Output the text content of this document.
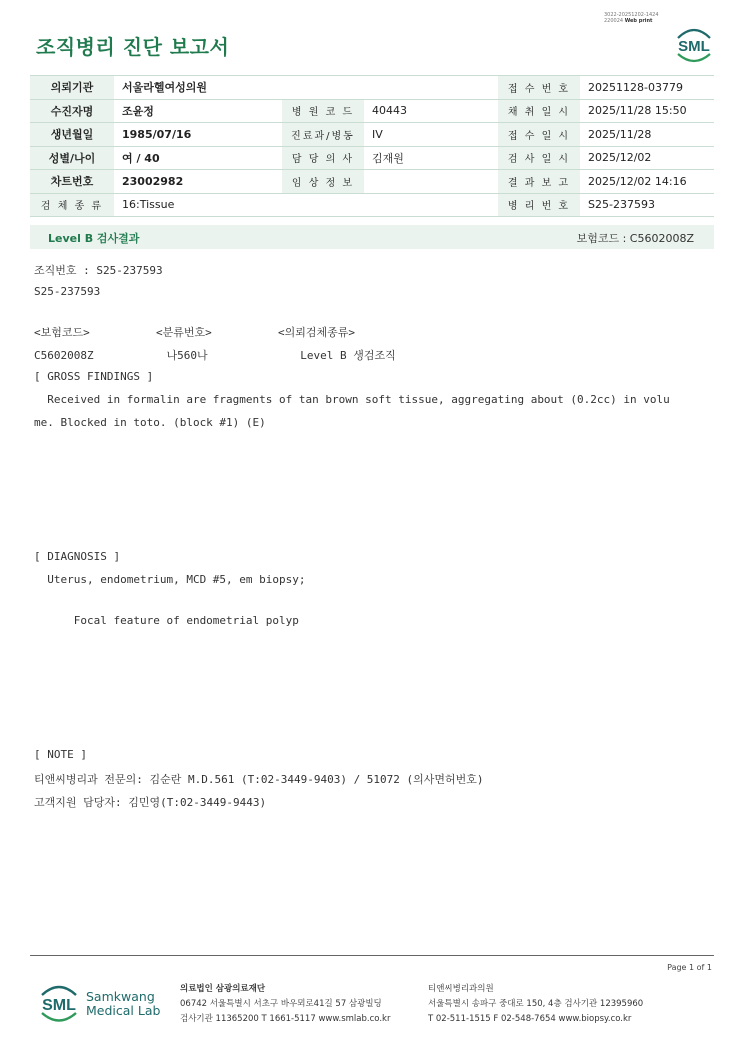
3022-20251202-1424
220024 Web print
조직병리 진단 보고서	SML
의뢰기관	서울라헬여성의원			접 수 번 호	20251128-03779
수진자명	조윤정	병 원 코 드	40443	채 취 일 시	2025/11/28 15:50
생년월일	1985/07/16	진료과/병동	IV	접 수 일 시	2025/11/28
성별/나이	여 / 40	담 당 의 사	김재원	검 사 일 시	2025/12/02
차트번호	23002982	임 상 정 보		결 과 보 고	2025/12/02 14:16
검 체 종 류	16:Tissue			병 리 번 호	S25-237593
Level B 검사결과	보험코드 : C5602008Z
조직번호 : S25-237593
S25-237593
<보험코드>          <분류번호>          <의뢰검체종류>
C5602008Z           나560나              Level B 생검조직
[ GROSS FINDINGS ]
Received in formalin are fragments of tan brown soft tissue, aggregating about (0.2cc) in volu
me. Blocked in toto. (block #1) (E)
[ DIAGNOSIS ]
Uterus, endometrium, MCD #5, em biopsy;
Focal feature of endometrial polyp
[ NOTE ]
티앤씨병리과 전문의: 김순란 M.D.561 (T:02-3449-9403) / 51072 (의사면허번호)
고객지원 담당자: 김민영(T:02-3449-9443)
Page 1 of 1
SML
Samkwang
Medical Lab
의료법인 삼광의료재단
06742 서울특별시 서초구 바우뫼로41길 57 삼광빌딩
검사기관 11365200 T 1661-5117 www.smlab.co.kr
티앤씨병리과의원
서울특별시 송파구 중대로 150, 4층 검사기관 12395960
T 02-511-1515 F 02-548-7654 www.biopsy.co.kr
